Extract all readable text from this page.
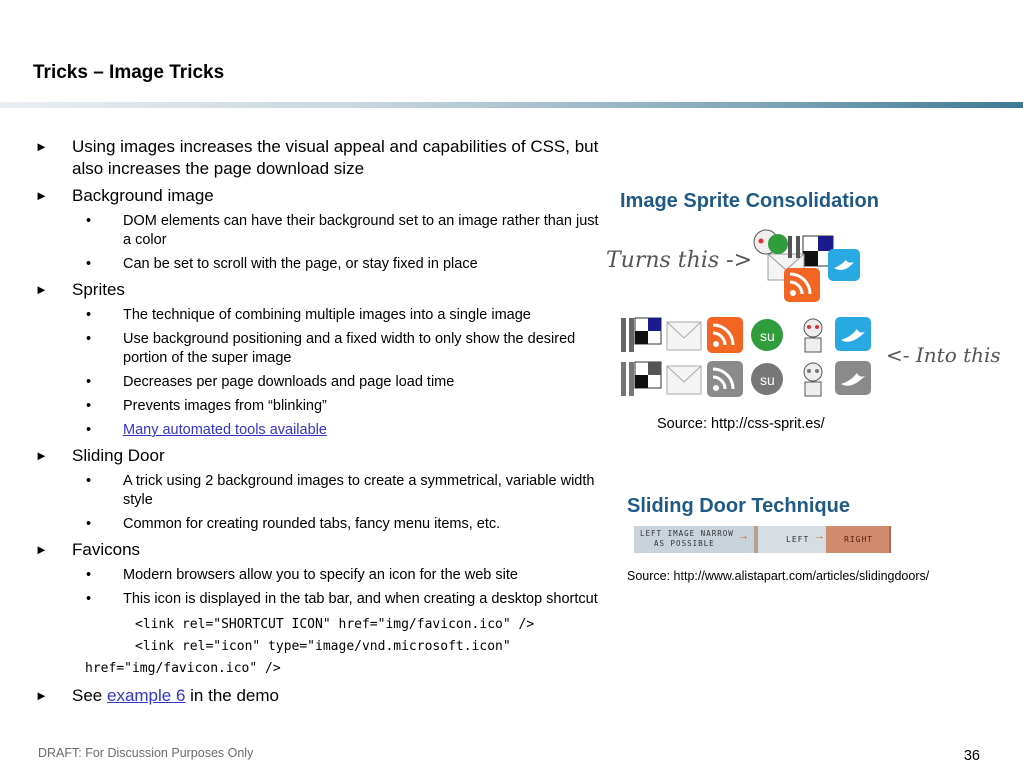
Tricks – Image Tricks
► Using images increases the visual appeal and capabilities of CSS, but also increases the page download size
► Background image
• DOM elements can have their background set to an image rather than just a color
• Can be set to scroll with the page, or stay fixed in place
► Sprites
• The technique of combining multiple images into a single image
• Use background positioning and a fixed width to only show the desired portion of the super image
• Decreases per page downloads and page load time
• Prevents images from “blinking”
• Many automated tools available
► Sliding Door
• A trick using 2 background images to create a symmetrical, variable width style
• Common for creating rounded tabs, fancy menu items, etc.
► Favicons
• Modern browsers allow you to specify an icon for the web site
• This icon is displayed in the tab bar, and when creating a desktop shortcut
<link rel="SHORTCUT ICON" href="img/favicon.ico" />
<link rel="icon" type="image/vnd.microsoft.icon"
href="img/favicon.ico" />
► See example 6 in the demo
Image Sprite Consolidation
Turns this ->
<- Into this
su
su
Source: http://css-sprit.es/
Sliding Door Technique
LEFT IMAGE NARROW
AS POSSIBLE
→	LEFT → RIGHT
Source: http://www.alistapart.com/articles/slidingdoors/
DRAFT: For Discussion Purposes Only	36
